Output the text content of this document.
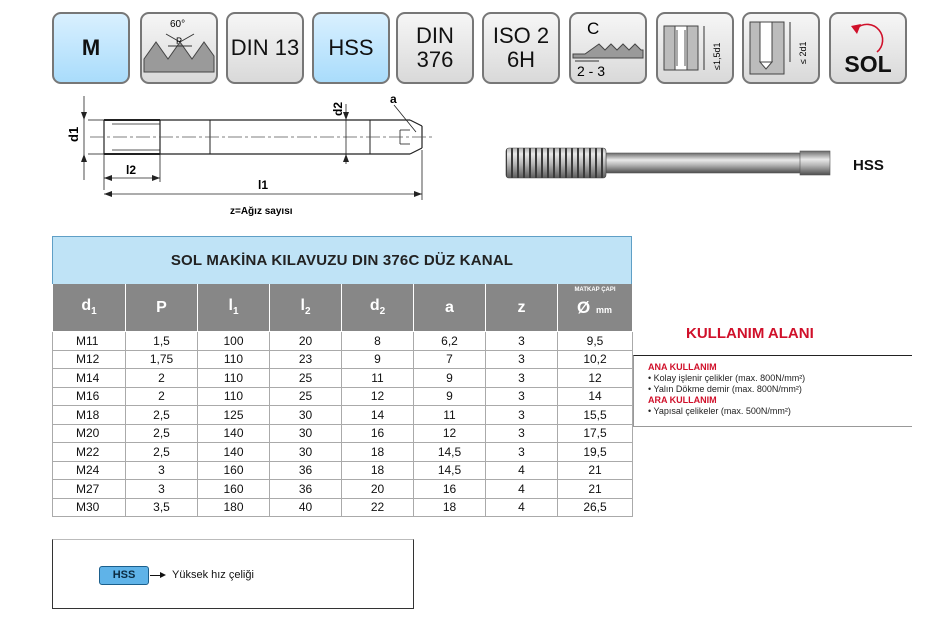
M
60°
P DIN 13 HSS DIN
376
ISO 2
6H
C
2 - 3
≤1,5d1	≤ 2d1	SOL
d1
d2
a
l2
l1
z=Ağız sayısı
HSS
SOL MAKİNA KILAVUZU DIN 376C DÜZ KANAL
$d_1$	P	$l_1$	$l_2$	$d_2$	a	z	MATKAP ÇAPI
Ø mm

M11	1,5	100	20	8	6,2	3	9,5
M12	1,75	110	23	9	7	3	10,2
M14	2	110	25	11	9	3	12
M16	2	110	25	12	9	3	14
M18	2,5	125	30	14	11	3	15,5
M20	2,5	140	30	16	12	3	17,5
M22	2,5	140	30	18	14,5	3	19,5
M24	3	160	36	18	14,5	4	21
M27	3	160	36	20	16	4	21
M30	3,5	180	40	22	18	4	26,5
HSS	Yüksek hız çeliği
KULLANIM ALANI
ANA KULLANIM
• Kolay işlenir çelikler (max. 800N/mm²)
• Yalın Dökme demir (max. 800N/mm²)
ARA KULLANIM
• Yapısal çelikeler (max. 500N/mm²)
